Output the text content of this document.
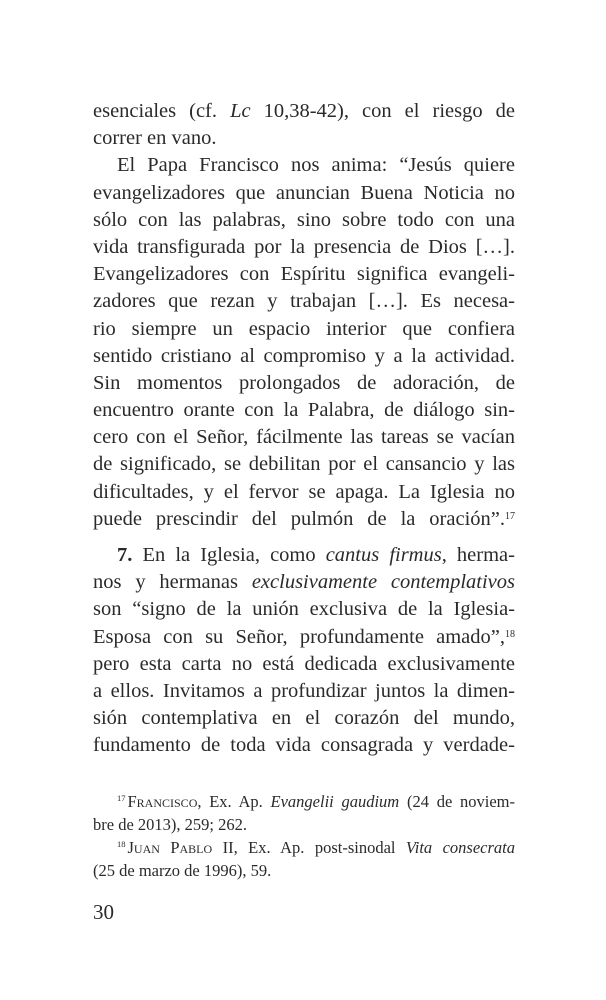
esenciales (cf. Lc 10,38-42), con el riesgo de
correr en vano.
El Papa Francisco nos anima: “Jesús quiere
evangelizadores que anuncian Buena Noticia no
sólo con las palabras, sino sobre todo con una
vida transfigurada por la presencia de Dios […].
Evangelizadores con Espíritu significa evangeli-
zadores que rezan y trabajan […]. Es necesa-
rio siempre un espacio interior que confiera
sentido cristiano al compromiso y a la actividad.
Sin momentos prolongados de adoración, de
encuentro orante con la Palabra, de diálogo sin-
cero con el Señor, fácilmente las tareas se vacían
de significado, se debilitan por el cansancio y las
dificultades, y el fervor se apaga. La Iglesia no
puede prescindir del pulmón de la oración”.$^{17}$
7. En la Iglesia, como cantus firmus, herma-
nos y hermanas exclusivamente contemplativos
son “signo de la unión exclusiva de la Iglesia-
Esposa con su Señor, profundamente amado”,$^{18}$
pero esta carta no está dedicada exclusivamente
a ellos. Invitamos a profundizar juntos la dimen-
sión contemplativa en el corazón del mundo,
fundamento de toda vida consagrada y verdade-
$^{17}$ Francisco, Ex. Ap. Evangelii gaudium (24 de noviem-
bre de 2013), 259; 262.
$^{18}$ Juan Pablo II, Ex. Ap. post-sinodal Vita consecrata
(25 de marzo de 1996), 59.
30
